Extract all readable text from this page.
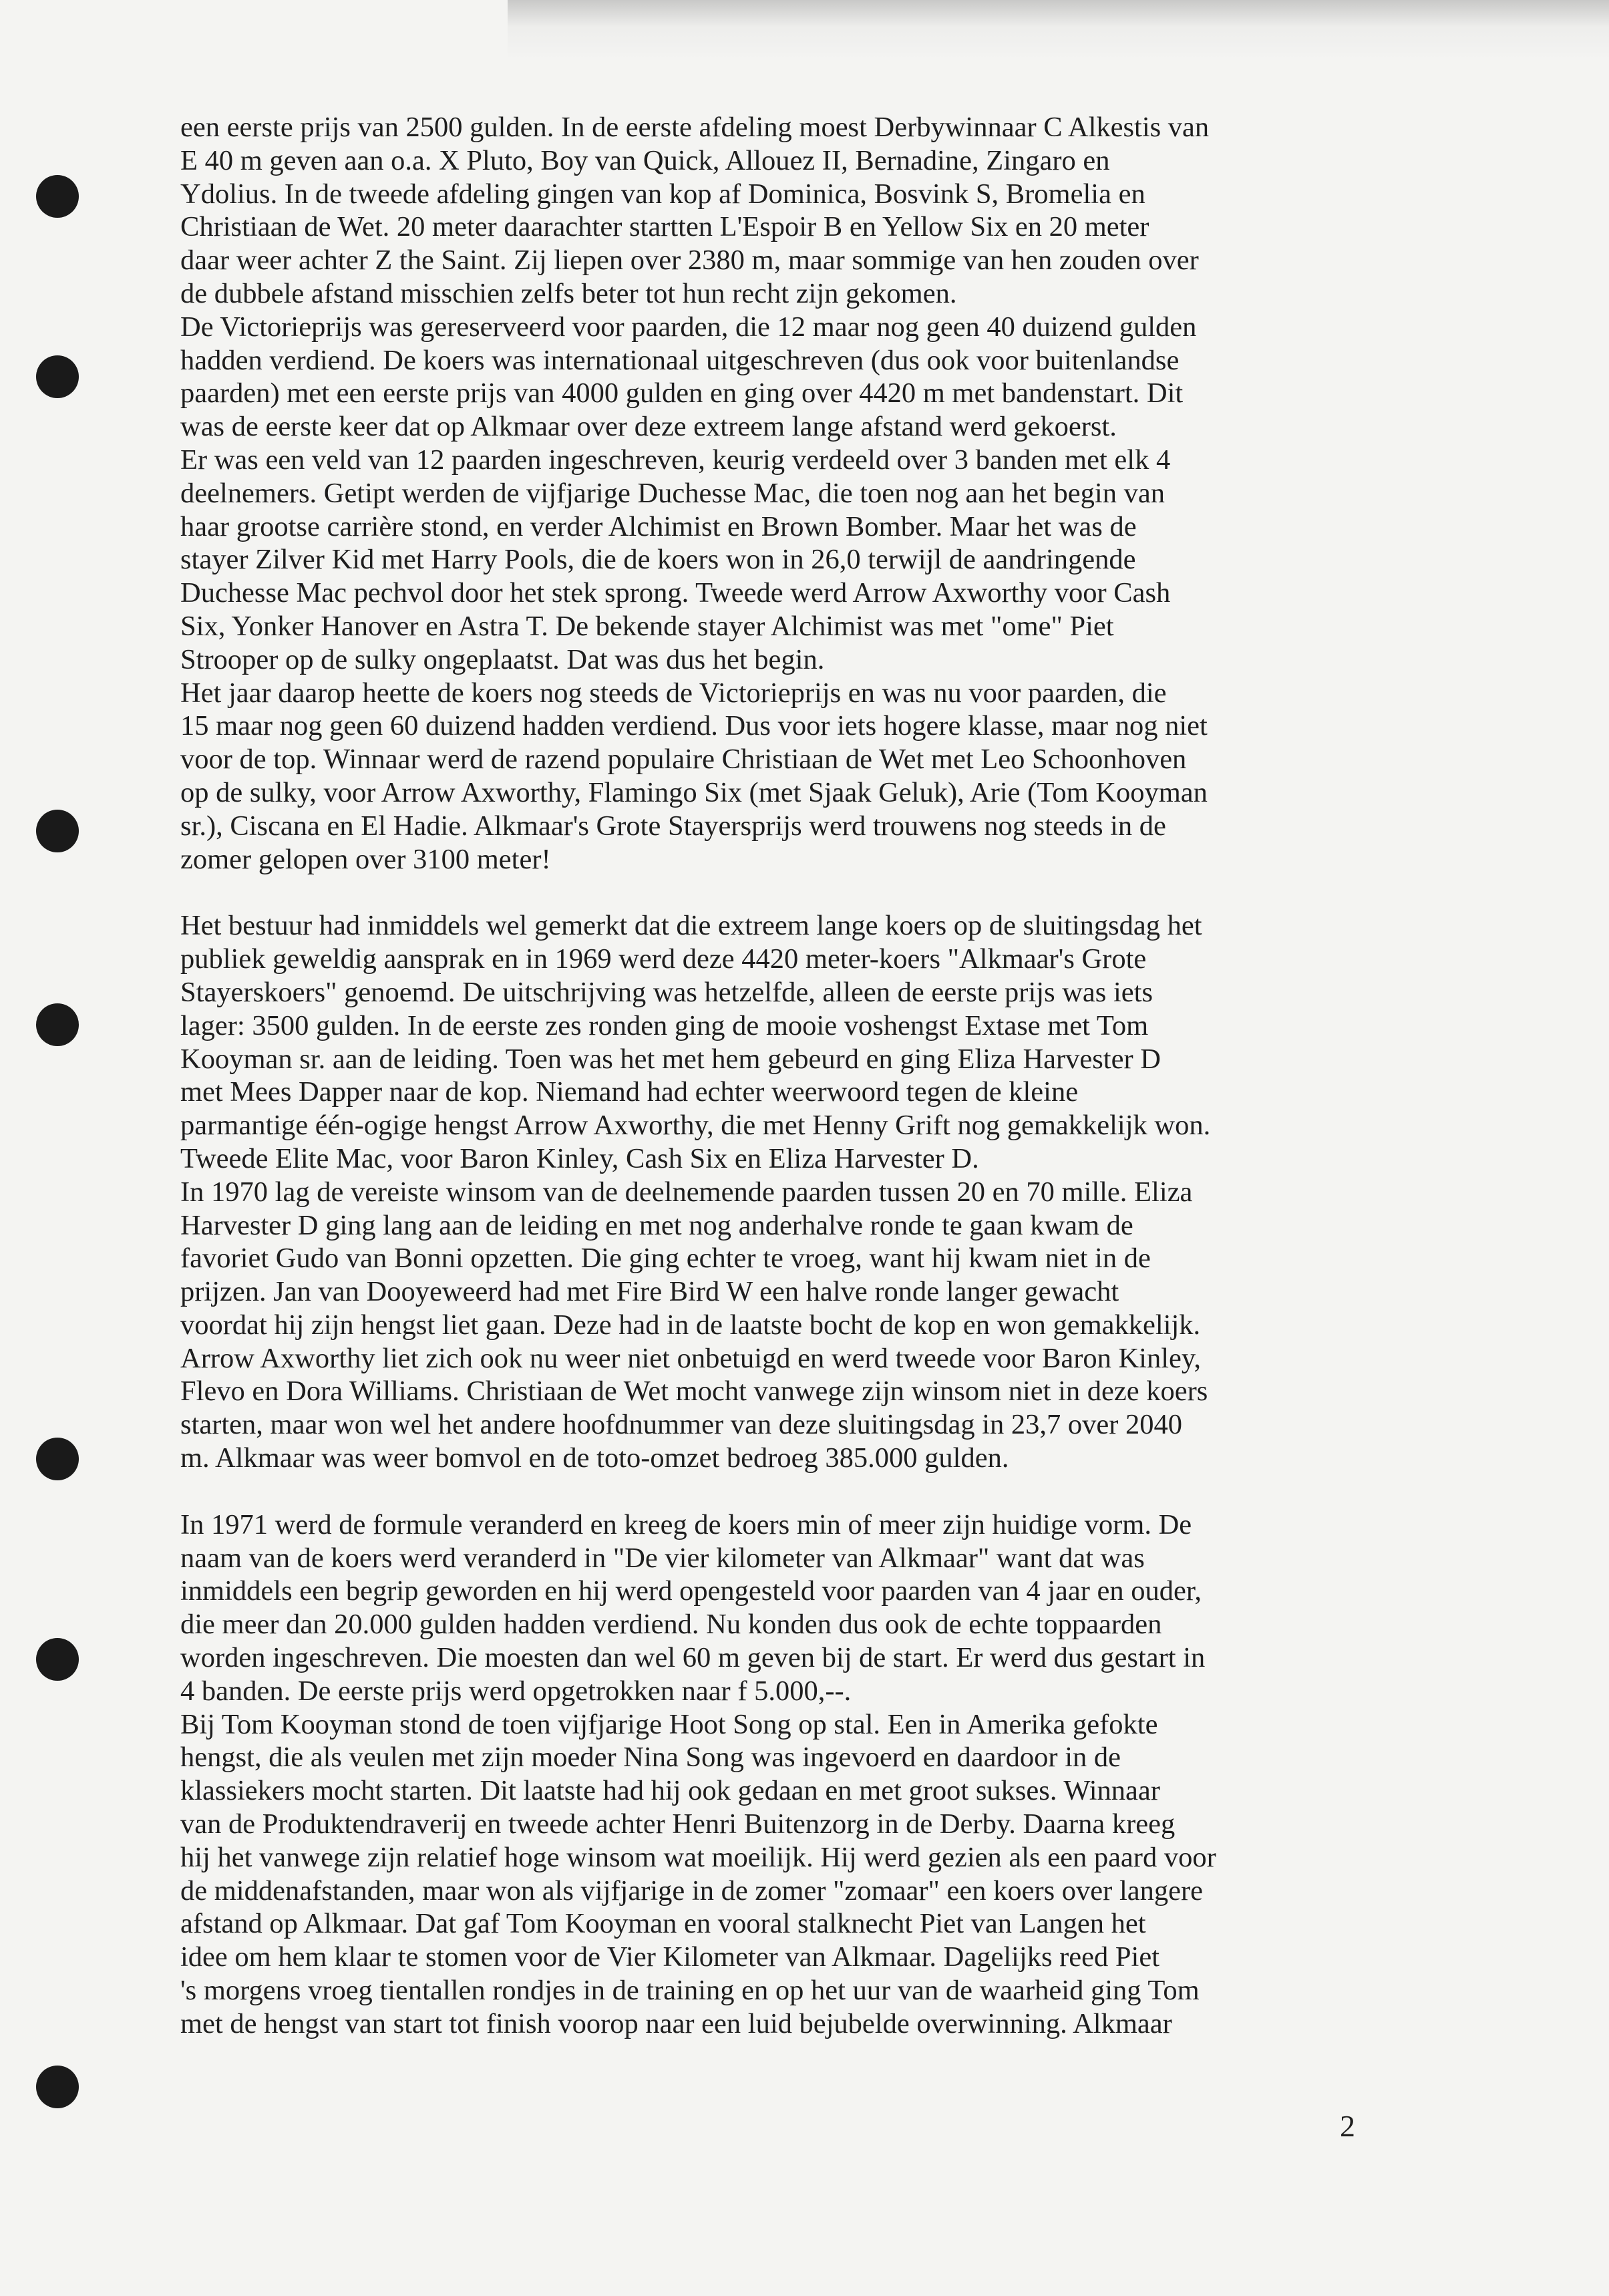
een eerste prijs van 2500 gulden. In de eerste afdeling moest Derbywinnaar C Alkestis van
E 40 m geven aan o.a. X Pluto, Boy van Quick, Allouez II, Bernadine, Zingaro en
Ydolius. In de tweede afdeling gingen van kop af Dominica, Bosvink S, Bromelia en
Christiaan de Wet. 20 meter daarachter startten L'Espoir B en Yellow Six en 20 meter
daar weer achter Z the Saint. Zij liepen over 2380 m, maar sommige van hen zouden over
de dubbele afstand misschien zelfs beter tot hun recht zijn gekomen.

De Victorieprijs was gereserveerd voor paarden, die 12 maar nog geen 40 duizend gulden
hadden verdiend. De koers was internationaal uitgeschreven (dus ook voor buitenlandse
paarden) met een eerste prijs van 4000 gulden en ging over 4420 m met bandenstart. Dit
was de eerste keer dat op Alkmaar over deze extreem lange afstand werd gekoerst.

Er was een veld van 12 paarden ingeschreven, keurig verdeeld over 3 banden met elk 4
deelnemers. Getipt werden de vijfjarige Duchesse Mac, die toen nog aan het begin van
haar grootse carrière stond, en verder Alchimist en Brown Bomber. Maar het was de
stayer Zilver Kid met Harry Pools, die de koers won in 26,0 terwijl de aandringende
Duchesse Mac pechvol door het stek sprong. Tweede werd Arrow Axworthy voor Cash
Six, Yonker Hanover en Astra T. De bekende stayer Alchimist was met "ome" Piet
Strooper op de sulky ongeplaatst. Dat was dus het begin.

Het jaar daarop heette de koers nog steeds de Victorieprijs en was nu voor paarden, die
15 maar nog geen 60 duizend hadden verdiend. Dus voor iets hogere klasse, maar nog niet
voor de top. Winnaar werd de razend populaire Christiaan de Wet met Leo Schoonhoven
op de sulky, voor Arrow Axworthy, Flamingo Six (met Sjaak Geluk), Arie (Tom Kooyman
sr.), Ciscana en El Hadie. Alkmaar's Grote Stayersprijs werd trouwens nog steeds in de
zomer gelopen over 3100 meter!

Het bestuur had inmiddels wel gemerkt dat die extreem lange koers op de sluitingsdag het
publiek geweldig aansprak en in 1969 werd deze 4420 meter-koers "Alkmaar's Grote
Stayerskoers" genoemd. De uitschrijving was hetzelfde, alleen de eerste prijs was iets
lager: 3500 gulden. In de eerste zes ronden ging de mooie voshengst Extase met Tom
Kooyman sr. aan de leiding. Toen was het met hem gebeurd en ging Eliza Harvester D
met Mees Dapper naar de kop. Niemand had echter weerwoord tegen de kleine
parmantige één-ogige hengst Arrow Axworthy, die met Henny Grift nog gemakkelijk won.
Tweede Elite Mac, voor Baron Kinley, Cash Six en Eliza Harvester D.

In 1970 lag de vereiste winsom van de deelnemende paarden tussen 20 en 70 mille. Eliza
Harvester D ging lang aan de leiding en met nog anderhalve ronde te gaan kwam de
favoriet Gudo van Bonni opzetten. Die ging echter te vroeg, want hij kwam niet in de
prijzen. Jan van Dooyeweerd had met Fire Bird W een halve ronde langer gewacht
voordat hij zijn hengst liet gaan. Deze had in de laatste bocht de kop en won gemakkelijk.
Arrow Axworthy liet zich ook nu weer niet onbetuigd en werd tweede voor Baron Kinley,
Flevo en Dora Williams. Christiaan de Wet mocht vanwege zijn winsom niet in deze koers
starten, maar won wel het andere hoofdnummer van deze sluitingsdag in 23,7 over 2040
m. Alkmaar was weer bomvol en de toto-omzet bedroeg 385.000 gulden.

In 1971 werd de formule veranderd en kreeg de koers min of meer zijn huidige vorm. De
naam van de koers werd veranderd in "De vier kilometer van Alkmaar" want dat was
inmiddels een begrip geworden en hij werd opengesteld voor paarden van 4 jaar en ouder,
die meer dan 20.000 gulden hadden verdiend. Nu konden dus ook de echte toppaarden
worden ingeschreven. Die moesten dan wel 60 m geven bij de start. Er werd dus gestart in
4 banden. De eerste prijs werd opgetrokken naar f 5.000,--.

Bij Tom Kooyman stond de toen vijfjarige Hoot Song op stal. Een in Amerika gefokte
hengst, die als veulen met zijn moeder Nina Song was ingevoerd en daardoor in de
klassiekers mocht starten. Dit laatste had hij ook gedaan en met groot sukses. Winnaar
van de Produktendraverij en tweede achter Henri Buitenzorg in de Derby. Daarna kreeg
hij het vanwege zijn relatief hoge winsom wat moeilijk. Hij werd gezien als een paard voor
de middenafstanden, maar won als vijfjarige in de zomer "zomaar" een koers over langere
afstand op Alkmaar. Dat gaf Tom Kooyman en vooral stalknecht Piet van Langen het
idee om hem klaar te stomen voor de Vier Kilometer van Alkmaar. Dagelijks reed Piet
's morgens vroeg tientallen rondjes in de training en op het uur van de waarheid ging Tom
met de hengst van start tot finish voorop naar een luid bejubelde overwinning. Alkmaar

2
